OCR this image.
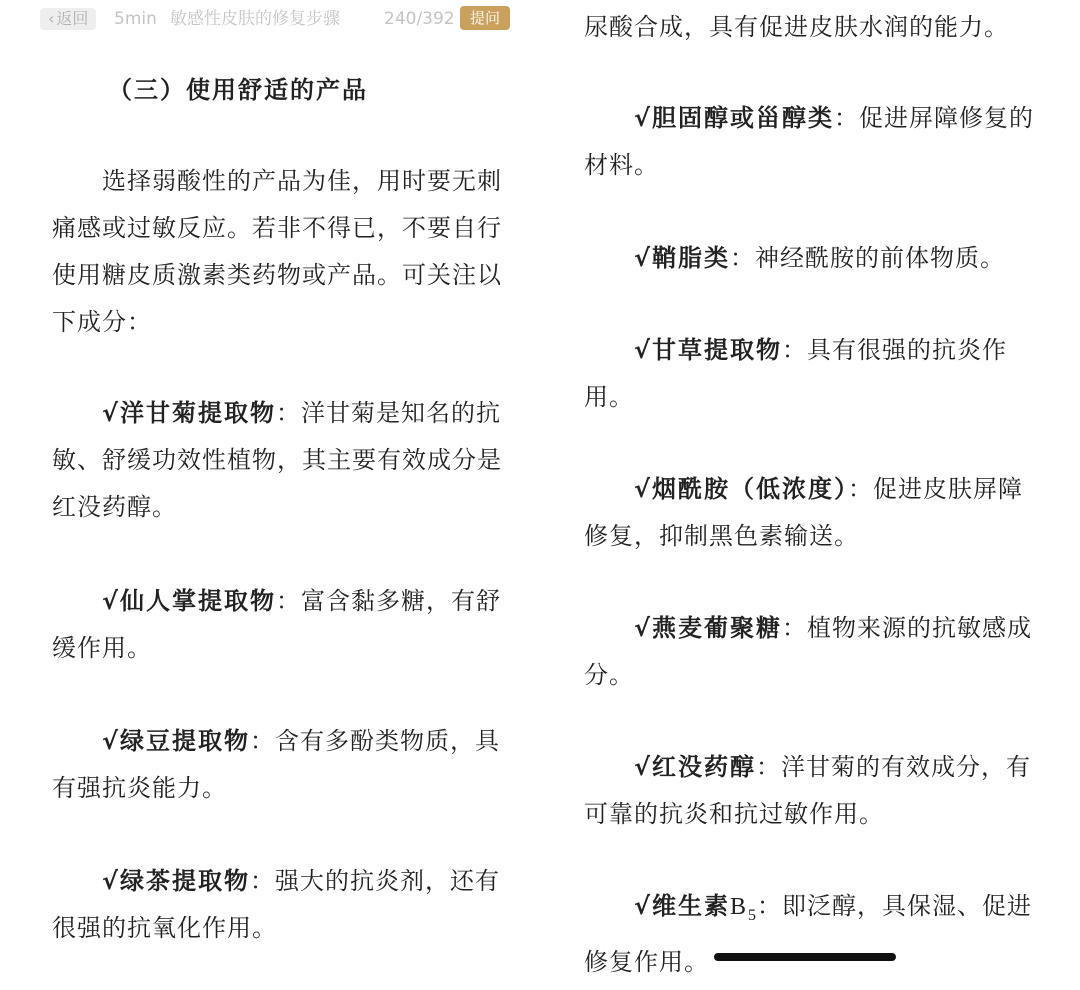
‹ 返回 5min 敏感性皮肤的修复步骤	240/392	提问
（三）使用舒适的产品
选择弱酸性的产品为佳，用时要无刺痛感或过敏反应。若非不得已，不要自行使用糖皮质激素类药物或产品。可关注以下成分：
√洋甘菊提取物：洋甘菊是知名的抗敏、舒缓功效性植物，其主要有效成分是红没药醇。
√仙人掌提取物：富含黏多糖，有舒缓作用。
√绿豆提取物：含有多酚类物质，具有强抗炎能力。
√绿茶提取物：强大的抗炎剂，还有很强的抗氧化作用。
尿酸合成，具有促进皮肤水润的能力。
√胆固醇或甾醇类：促进屏障修复的材料。
√鞘脂类：神经酰胺的前体物质。
√甘草提取物：具有很强的抗炎作用。
√烟酰胺（低浓度）：促进皮肤屏障修复，抑制黑色素输送。
√燕麦葡聚糖：植物来源的抗敏感成分。
√红没药醇：洋甘菊的有效成分，有可靠的抗炎和抗过敏作用。
√维生素$B_5$：即泛醇，具保湿、促进修复作用。
